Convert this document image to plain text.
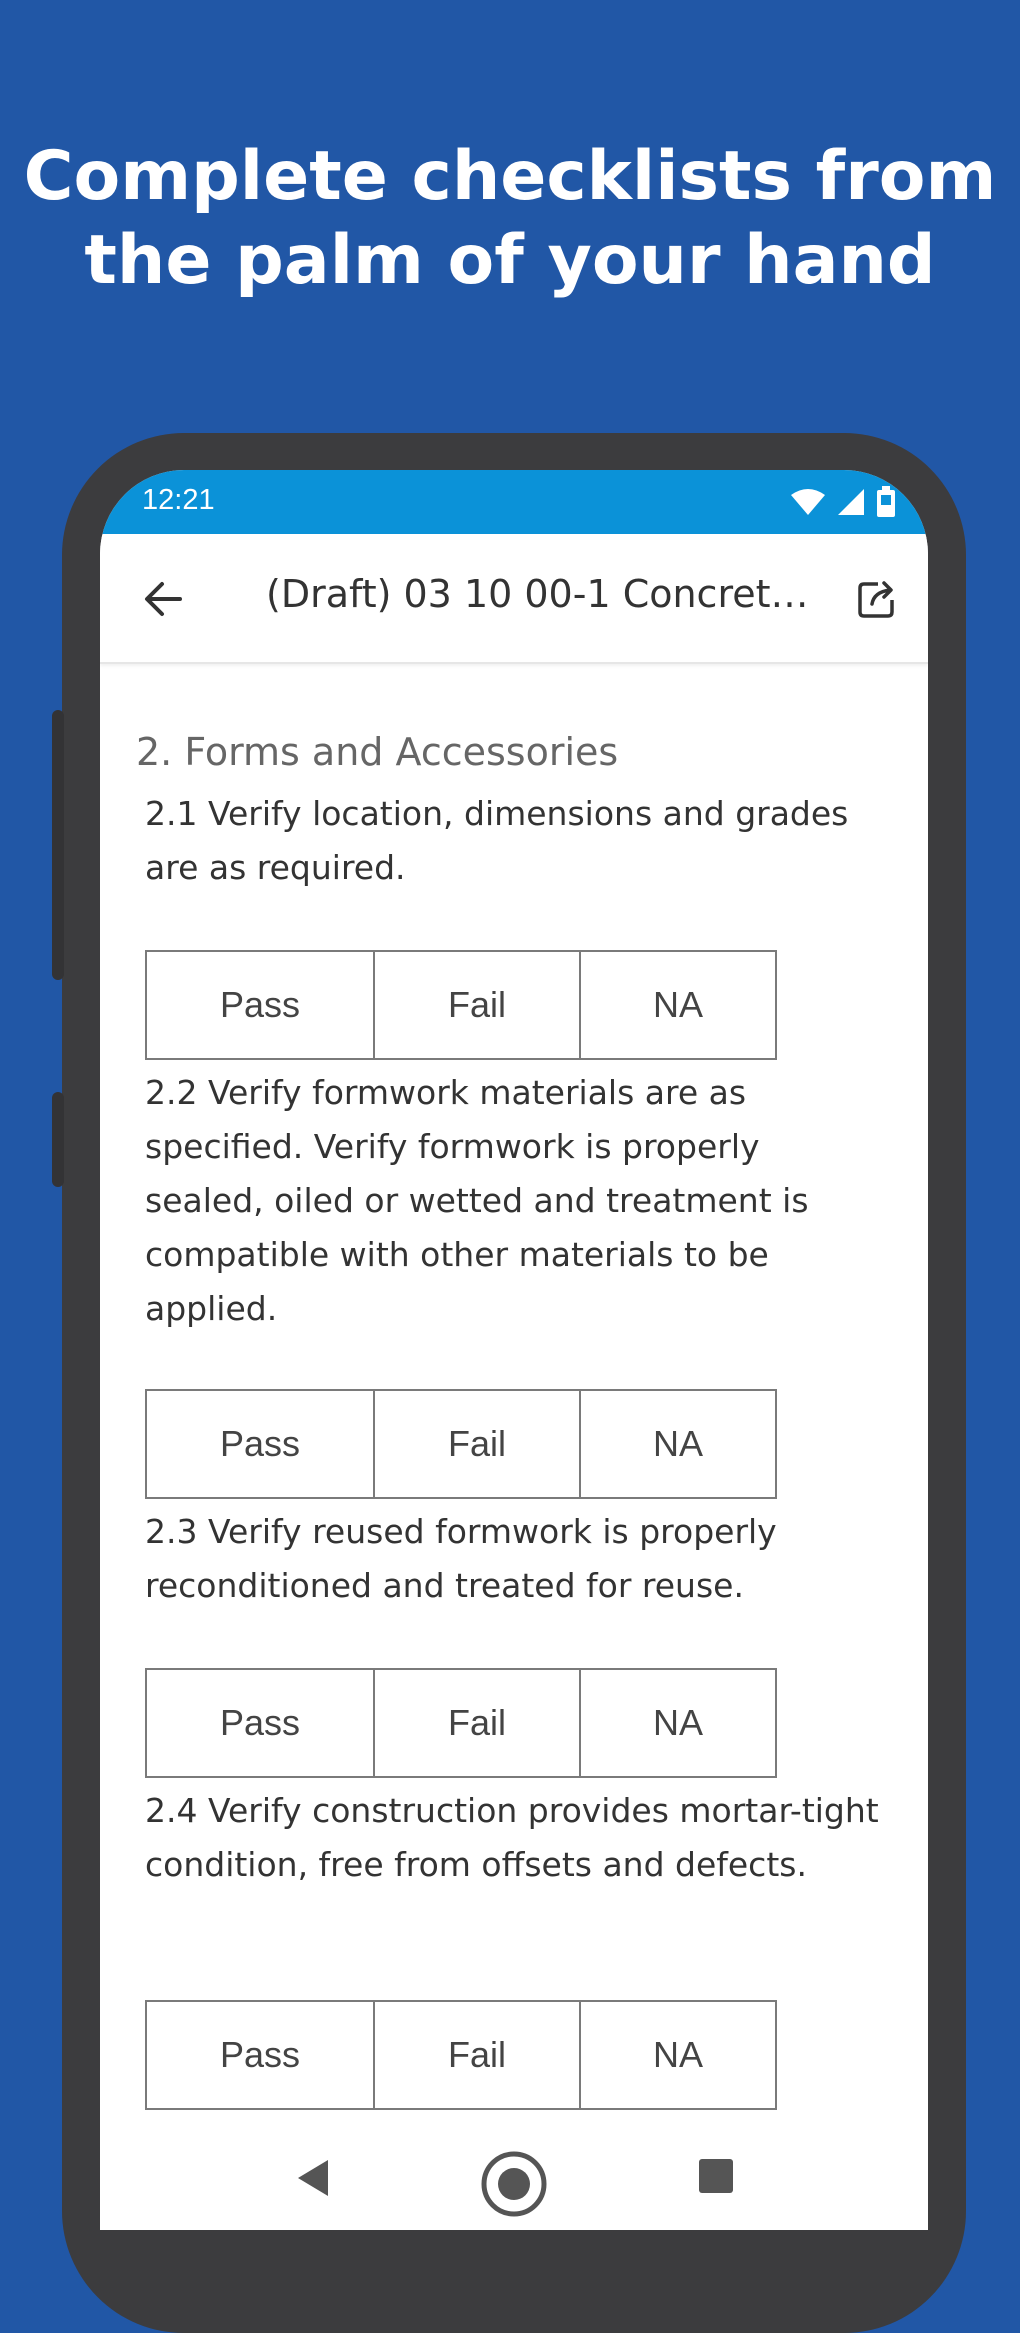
Complete checklists from
the palm of your hand
12:21
(Draft) 03 10 00-1 Concret…
2. Forms and Accessories
2.1 Verify location, dimensions and grades are as required.
Pass	Fail	NA
2.2 Verify formwork materials are as specified. Verify formwork is properly sealed, oiled or wetted and treatment is compatible with other materials to be applied.
Pass	Fail	NA
2.3 Verify reused formwork is properly reconditioned and treated for reuse.
Pass	Fail	NA
2.4 Verify construction provides mortar-tight condition, free from offsets and defects.
Pass	Fail	NA
